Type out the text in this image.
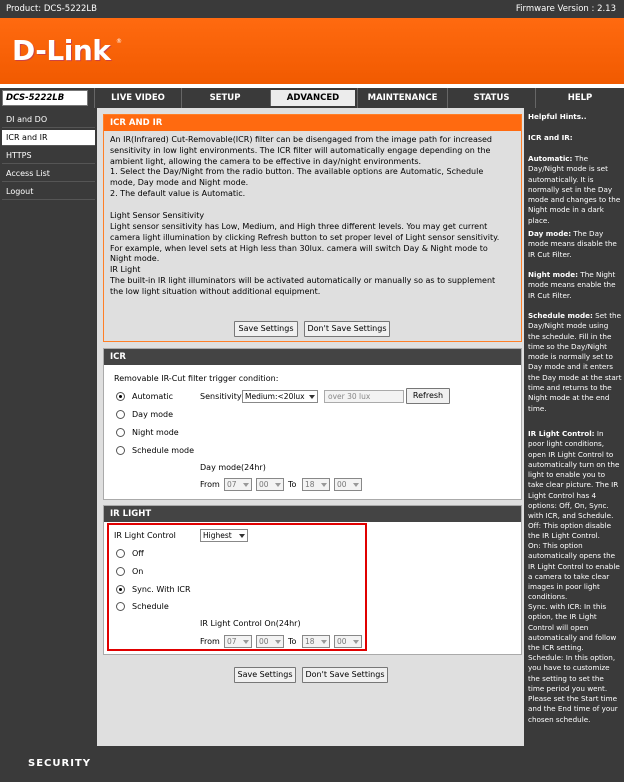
Product: DCS-5222LB	Firmware Version : 2.13
D-Link ®
DCS-5222LB	LIVE VIDEO	SETUP	ADVANCED	MAINTENANCE	STATUS	HELP
DI and DO
ICR and IR
HTTPS
Access List
Logout
ICR AND IR
An IR(Infrared) Cut-Removable(ICR) filter can be disengaged from the image path for increased sensitivity in low light environments. The ICR filter will automatically engage depending on the ambient light, allowing the camera to be effective in day/night environments.
1. Select the Day/Night from the radio button. The available options are Automatic, Schedule mode, Day mode and Night mode.
2. The default value is Automatic.
Light Sensor Sensitivity
Light sensor sensitivity has Low, Medium, and High three different levels. You may get current camera light illumination by clicking Refresh button to set proper level of Light sensor sensitivity. For example, when level sets at High less than 30lux. camera will switch Day & Night mode to Night mode.
IR Light
The built-in IR light illuminators will be activated automatically or manually so as to supplement the low light situation without additional equipment.
Save Settings	Don't Save Settings
ICR
Removable IR-Cut filter trigger condition:
Automatic
Day mode
Night mode
Schedule mode
Sensitivity Medium:<20lux	over 30 lux	Refresh
Day mode(24hr)
From 07	00	To	18	00
IR LIGHT
IR Light Control	Highest
Off
On
Sync. With ICR
Schedule
IR Light Control On(24hr)
From 07	00	To	18	00
Save Settings	Don't Save Settings
Helpful Hints..
ICR and IR:
Automatic: The Day/Night mode is set automatically. It is normally set in the Day mode and changes to the Night mode in a dark place.
Day mode: The Day mode means disable the IR Cut Filter.
Night mode: The Night mode means enable the IR Cut Filter.
Schedule mode: Set the Day/Night mode using the schedule. Fill in the time so the Day/Night mode is normally set to Day mode and it enters the Day mode at the start time and returns to the Night mode at the end time.
IR Light Control: In poor light conditions, open IR Light Control to automatically turn on the light to enable you to take clear picture. The IR Light Control has 4 options: Off, On, Sync. with ICR, and Schedule.
Off: This option disable the IR Light Control.
On: This option automatically opens the IR Light Control to enable a camera to take clear images in poor light conditions.
Sync. with ICR: In this option, the IR Light Control will open automatically and follow the ICR setting.
Schedule: In this option, you have to customize the setting to set the time period you went. Please set the Start time and the End time of your chosen schedule.
SECURITY
